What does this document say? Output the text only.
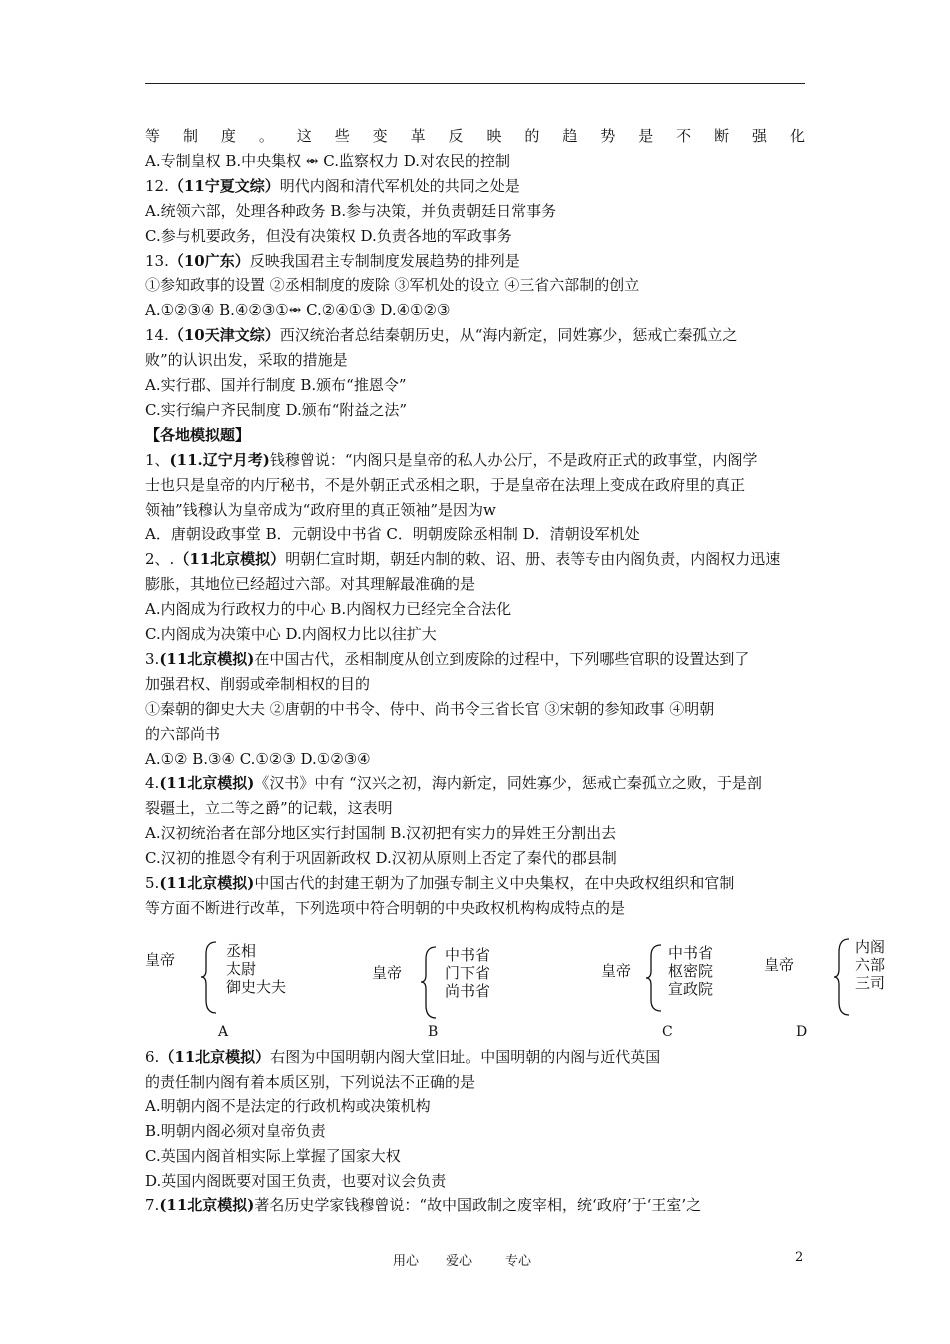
等 制 度 。 这 些 变 革 反 映 的 趋 势 是 不 断 强 化
A.专制皇权 B.中央集权 ⥈ C.监察权力 D.对农民的控制
12.（11宁夏文综）明代内阁和清代军机处的共同之处是
A.统领六部，处理各种政务 B.参与决策，并负责朝廷日常事务
C.参与机要政务，但没有决策权 D.负责各地的军政事务
13.（10广东）反映我国君主专制制度发展趋势的排列是
①参知政事的设置 ②丞相制度的废除 ③军机处的设立 ④三省六部制的创立
A.①②③④ B.④②③①⥈ C.②④①③ D.④①②③
14.（10天津文综）西汉统治者总结秦朝历史，从“海内新定，同姓寡少，惩戒亡秦孤立之
败”的认识出发，采取的措施是
A.实行郡、国并行制度 B.颁布“推恩令”
C.实行编户齐民制度 D.颁布“附益之法”
【各地模拟题】
1、(11.辽宁月考)钱穆曾说：“内阁只是皇帝的私人办公厅，不是政府正式的政事堂，内阁学
士也只是皇帝的内厅秘书，不是外朝正式丞相之职，于是皇帝在法理上变成在政府里的真正
领袖”钱穆认为皇帝成为“政府里的真正领袖”是因为w
A．唐朝设政事堂 B．元朝设中书省 C．明朝废除丞相制 D．清朝设军机处
2、.（11北京模拟）明朝仁宣时期，朝廷内制的敕、诏、册、表等专由内阁负责，内阁权力迅速
膨胀，其地位已经超过六部。对其理解最准确的是
A.内阁成为行政权力的中心 B.内阁权力已经完全合法化
C.内阁成为决策中心 D.内阁权力比以往扩大
3.(11北京模拟)在中国古代，丞相制度从创立到废除的过程中，下列哪些官职的设置达到了
加强君权、削弱或牵制相权的目的
①秦朝的御史大夫 ②唐朝的中书令、侍中、尚书令三省长官 ③宋朝的参知政事 ④明朝
的六部尚书
A.①② B.③④ C.①②③ D.①②③④
4.(11北京模拟)《汉书》中有 “汉兴之初，海内新定，同姓寡少，惩戒亡秦孤立之败，于是剖
裂疆土，立二等之爵”的记载，这表明
A.汉初统治者在部分地区实行封国制 B.汉初把有实力的异姓王分割出去
C.汉初的推恩令有利于巩固新政权 D.汉初从原则上否定了秦代的郡县制
5.(11北京模拟)中国古代的封建王朝为了加强专制主义中央集权，在中央政权组织和官制
等方面不断进行改革，下列选项中符合明朝的中央政权机构构成特点的是
皇帝	丞相
太尉
御史大夫
A
皇帝
中书省
门下省
尚书省
B
皇帝
中书省
枢密院
宣政院
C
皇帝
内阁
六部
三司
D
6.（11北京模拟）右图为中国明朝内阁大堂旧址。中国明朝的内阁与近代英国
的责任制内阁有着本质区别，下列说法不正确的是
A.明朝内阁不是法定的行政机构或决策机构
B.明朝内阁必须对皇帝负责
C.英国内阁首相实际上掌握了国家大权
D.英国内阁既要对国王负责，也要对议会负责
7.(11北京模拟)著名历史学家钱穆曾说：“故中国政制之废宰相，统‘政府’于‘王室’之
用心 爱心	专心	2
